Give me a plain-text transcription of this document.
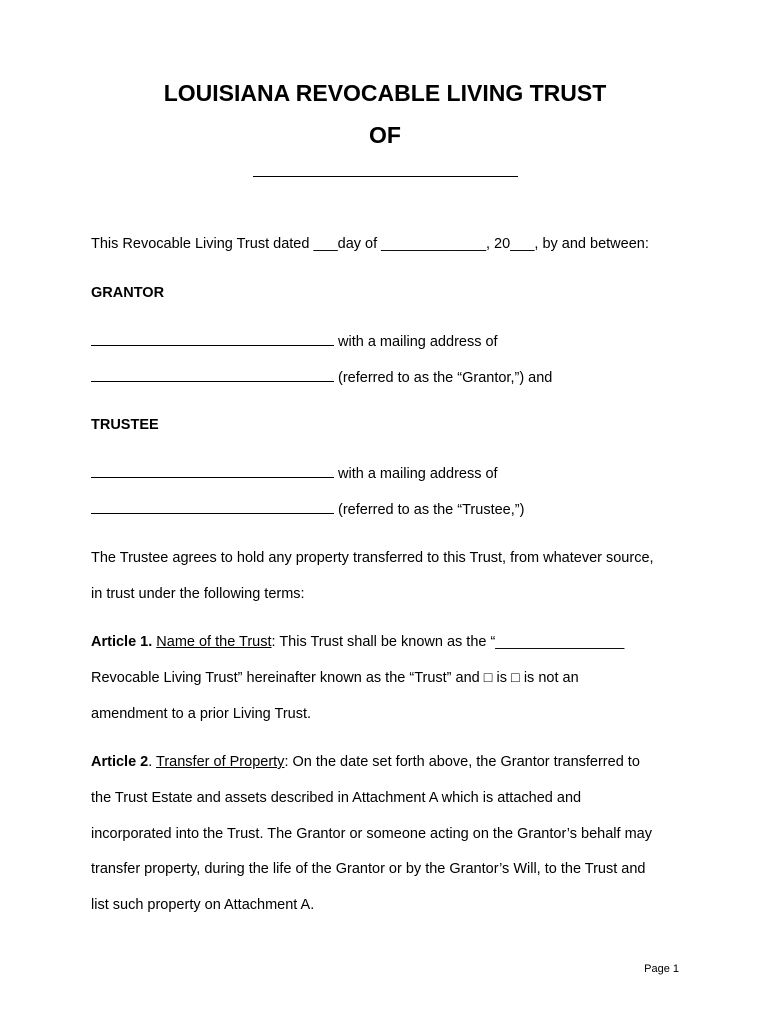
LOUISIANA REVOCABLE LIVING TRUST
OF
This Revocable Living Trust dated ___day of _____________, 20___, by and between:
GRANTOR
with a mailing address of
(referred to as the “Grantor,”) and
TRUSTEE
with a mailing address of
(referred to as the “Trustee,”)
The Trustee agrees to hold any property transferred to this Trust, from whatever source,
in trust under the following terms:
Article 1. Name of the Trust: This Trust shall be known as the “________________
Revocable Living Trust” hereinafter known as the “Trust” and □ is □ is not an
amendment to a prior Living Trust.
Article 2. Transfer of Property: On the date set forth above, the Grantor transferred to
the Trust Estate and assets described in Attachment A which is attached and
incorporated into the Trust. The Grantor or someone acting on the Grantor’s behalf may
transfer property, during the life of the Grantor or by the Grantor’s Will, to the Trust and
list such property on Attachment A.
Page 1
